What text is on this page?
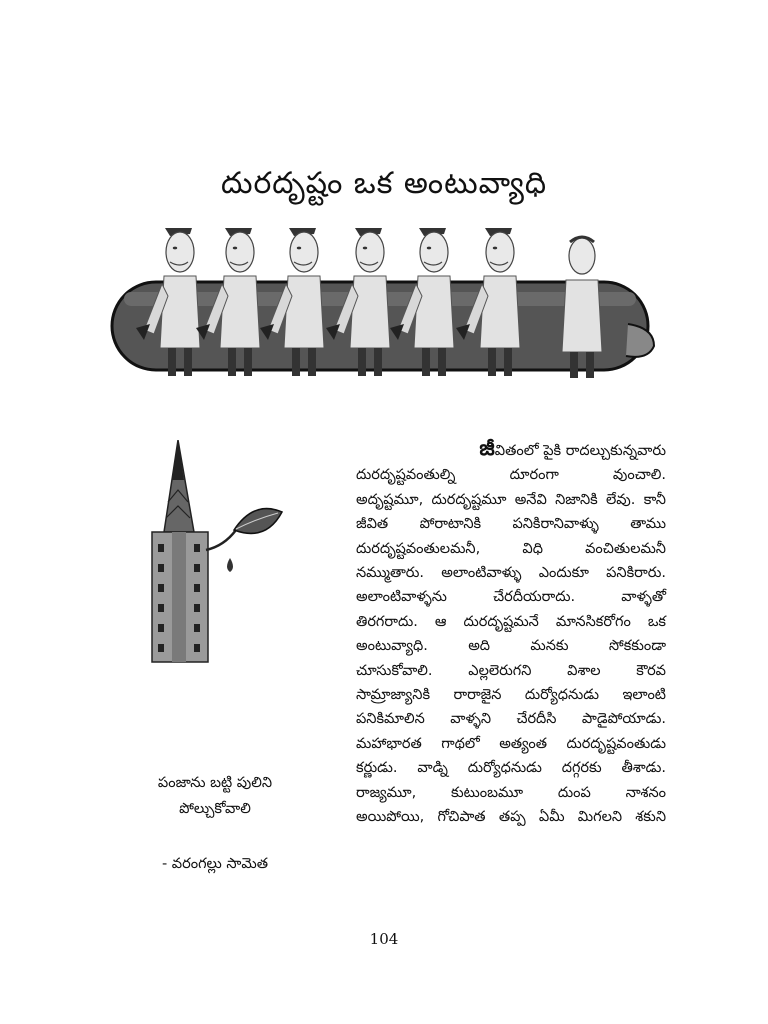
దురదృష్టం ఒక అంటువ్యాధి
జీవితంలో పైకి రాదల్చుకున్నవారు
దురదృష్టవంతుల్ని దూరంగా వుంచాలి.
అదృష్టమూ, దురదృష్టమూ అనేవి నిజానికి లేవు. కానీ
జీవిత పోరాటానికి పనికిరానివాళ్ళు తాము
దురదృష్టవంతులమనీ, విధి వంచితులమనీ
నమ్ముతారు. అలాంటివాళ్ళు ఎందుకూ పనికిరారు.
అలాంటివాళ్ళను చేరదీయరాదు. వాళ్ళతో
తిరగరాదు. ఆ దురదృష్టమనే మానసికరోగం ఒక
అంటువ్యాధి. అది మనకు సోకకుండా
చూసుకోవాలి. ఎల్లలెరుగని విశాల కౌరవ
సామ్రాజ్యానికి రారాజైన దుర్యోధనుడు ఇలాంటి
పనికిమాలిన వాళ్ళని చేరదీసి పాడైపోయాడు.
మహాభారత గాథలో అత్యంత దురదృష్టవంతుడు
కర్ణుడు. వాడ్ని దుర్యోధనుడు దగ్గరకు తీశాడు.
రాజ్యమూ, కుటుంబమూ దుంప నాశనం
అయిపోయి, గోచిపాత తప్ప ఏమీ మిగలని శకుని
పంజాను బట్టి పులిని
పోల్చుకోవాలి
- వరంగల్లు సామెత
104
